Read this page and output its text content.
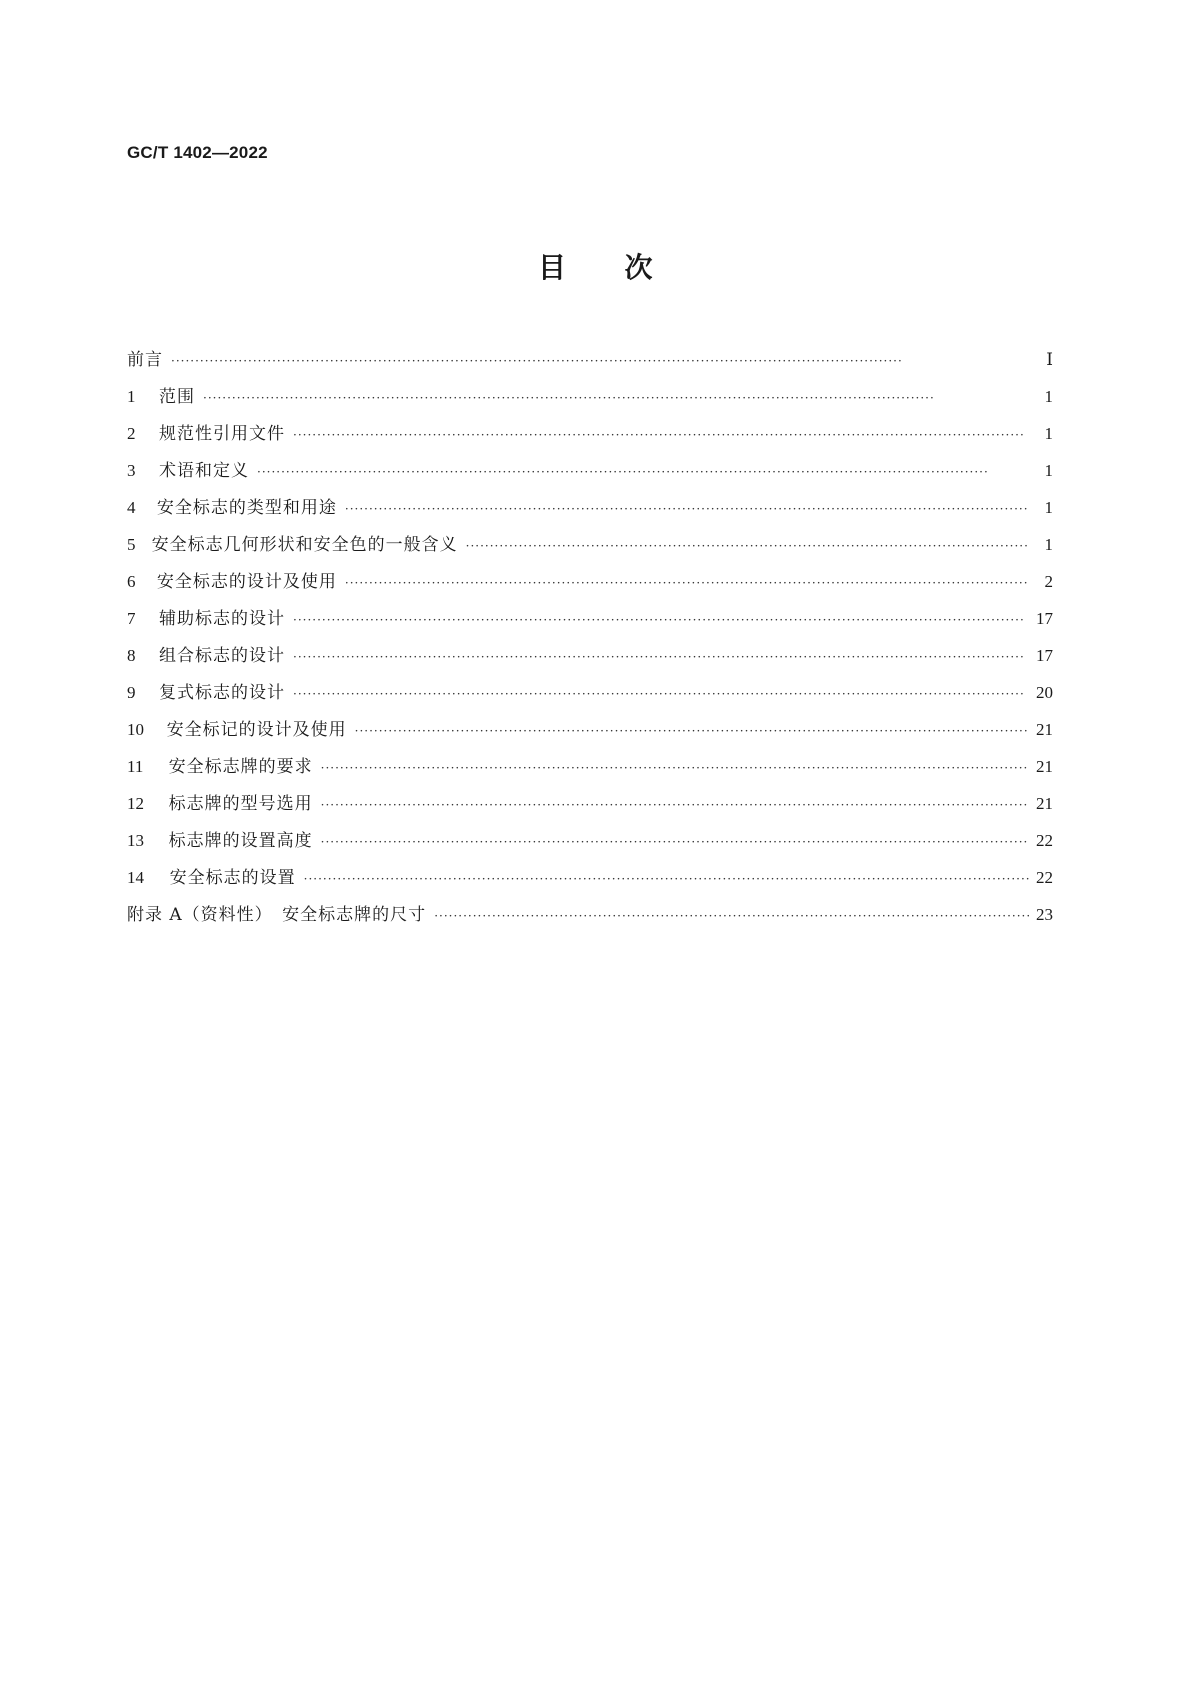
GC/T 1402—2022
目 次
前言 ·····	Ⅰ
1	范围 ·····	1
2	规范性引用文件 ·····	1
3	术语和定义 ·····	1
4	安全标志的类型和用途 ·····	1
5 安全标志几何形状和安全色的一般含义 ·····	1
6	安全标志的设计及使用 ·····	2
7	辅助标志的设计 ·····	17
8	组合标志的设计 ·····	17
9	复式标志的设计 ·····	20
10	安全标记的设计及使用 ·····	21
11	安全标志牌的要求 ·····	21
12	标志牌的型号选用 ·····	21
13	标志牌的设置高度 ·····	22
14	安全标志的设置 ·····	22
附录 A（资料性）　安全标志牌的尺寸 ·····	23
